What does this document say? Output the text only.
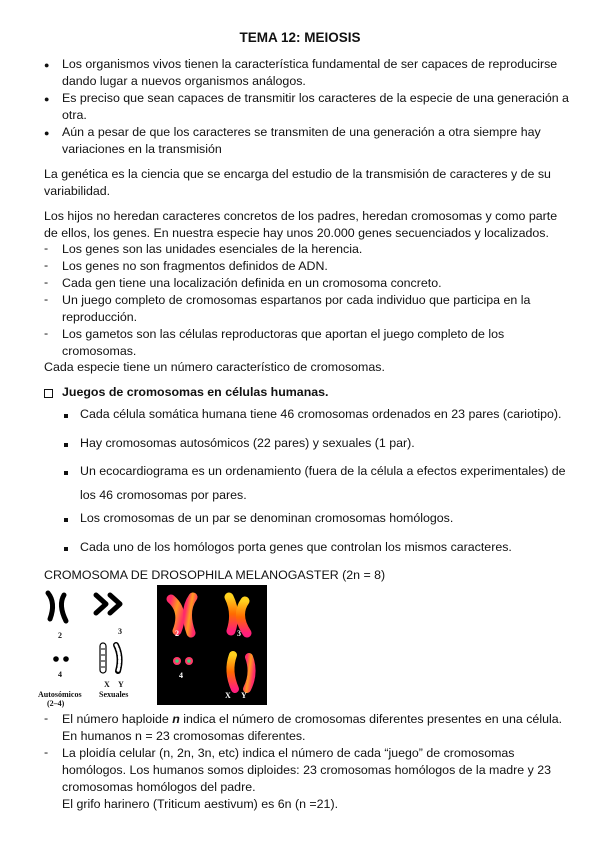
TEMA 12: MEIOSIS
● Los organismos vivos tienen la característica fundamental de ser capaces de reproducirse
dando lugar a nuevos organismos análogos.
● Es preciso que sean capaces de transmitir los caracteres de la especie de una generación a
otra.
● Aún a pesar de que los caracteres se transmiten de una generación a otra siempre hay
variaciones en la transmisión
La genética es la ciencia que se encarga del estudio de la transmisión de caracteres y de su
variabilidad.
Los hijos no heredan caracteres concretos de los padres, heredan cromosomas y como parte
de ellos, los genes. En nuestra especie hay unos 20.000 genes secuenciados y localizados.
- Los genes son las unidades esenciales de la herencia.
- Los genes no son fragmentos definidos de ADN.
- Cada gen tiene una localización definida en un cromosoma concreto.
- Un juego completo de cromosomas espartanos por cada individuo que participa en la
reproducción.
- Los gametos son las células reproductoras que aportan el juego completo de los
cromosomas.
Cada especie tiene un número característico de cromosomas.
Juegos de cromosomas en células humanas.
Cada célula somática humana tiene 46 cromosomas ordenados en 23 pares (cariotipo).
Hay cromosomas autosómicos (22 pares) y sexuales (1 par).
Un ecocardiograma es un ordenamiento (fuera de la célula a efectos experimentales) de
los 46 cromosomas por pares.
Los cromosomas de un par se denominan cromosomas homólogos.
Cada uno de los homólogos porta genes que controlan los mismos caracteres.
CROMOSOMA DE DROSOPHILA MELANOGASTER (2n = 8)
2	3
4
X Y
Autosómicos
(2–4)
Sexuales
2	3
4
X Y
- El número haploide n indica el número de cromosomas diferentes presentes en una célula.
En humanos n = 23 cromosomas diferentes.
- La ploidía celular (n, 2n, 3n, etc) indica el número de cada “juego” de cromosomas
homólogos. Los humanos somos diploides: 23 cromosomas homólogos de la madre y 23
cromosomas homólogos del padre.
El grifo harinero (Triticum aestivum) es 6n (n =21).
